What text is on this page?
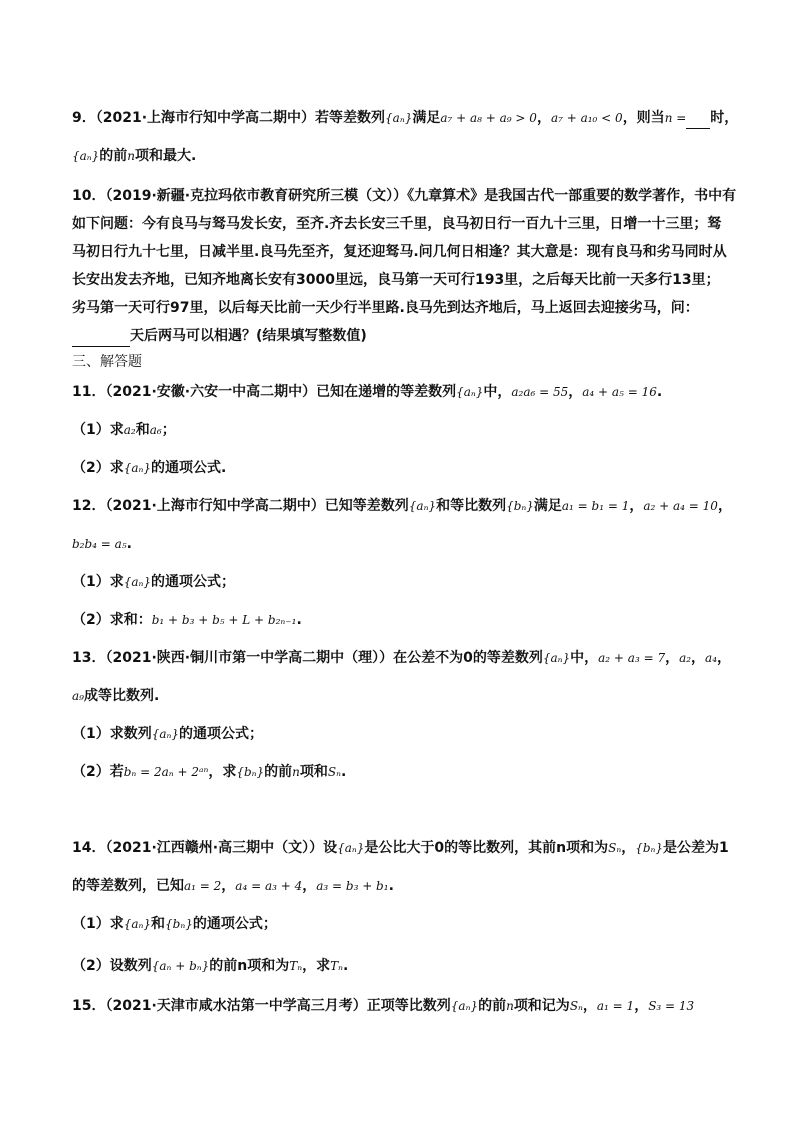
9．（2021·上海市行知中学高二期中）若等差数列{aₙ}满足a₇ + a₈ + a₉ > 0，a₇ + a₁₀ < 0，则当n = 时，
{aₙ}的前n项和最大.
10．（2019·新疆·克拉玛依市教育研究所三模（文））《九章算术》是我国古代一部重要的数学著作，书中有
如下问题：今有良马与驽马发长安，至齐.齐去长安三千里，良马初日行一百九十三里，日增一十三里；驽
马初日行九十七里，日减半里.良马先至齐，复还迎驽马.问几何日相逢？其大意是：现有良马和劣马同时从
长安出发去齐地，已知齐地离长安有3000里远，良马第一天可行193里，之后每天比前一天多行13里；
劣马第一天可行97里，以后每天比前一天少行半里路.良马先到达齐地后，马上返回去迎接劣马，问：
天后两马可以相遇？(结果填写整数值)
三、解答题
11．（2021·安徽·六安一中高二期中）已知在递增的等差数列{aₙ}中，a₂a₆ = 55，a₄ + a₅ = 16.
（1）求a₂和a₆；
（2）求{aₙ}的通项公式.
12．（2021·上海市行知中学高二期中）已知等差数列{aₙ}和等比数列{bₙ}满足a₁ = b₁ = 1，a₂ + a₄ = 10，
b₂b₄ = a₅.
（1）求{aₙ}的通项公式；
（2）求和：b₁ + b₃ + b₅ + L + b₂ₙ₋₁.
13．（2021·陕西·铜川市第一中学高二期中（理））在公差不为0的等差数列{aₙ}中，a₂ + a₃ = 7，a₂，a₄，
a₉成等比数列.
（1）求数列{aₙ}的通项公式；
（2）若bₙ = 2aₙ + 2ᵃⁿ，求{bₙ}的前n项和Sₙ.
14．（2021·江西赣州·高三期中（文））设{aₙ}是公比大于0的等比数列，其前n项和为Sₙ，{bₙ}是公差为1
的等差数列，已知a₁ = 2，a₄ = a₃ + 4，a₃ = b₃ + b₁.
（1）求{aₙ}和{bₙ}的通项公式；
（2）设数列{aₙ + bₙ}的前n项和为Tₙ，求Tₙ.
15．（2021·天津市咸水沽第一中学高三月考）正项等比数列{aₙ}的前n项和记为Sₙ，a₁ = 1，S₃ = 13
